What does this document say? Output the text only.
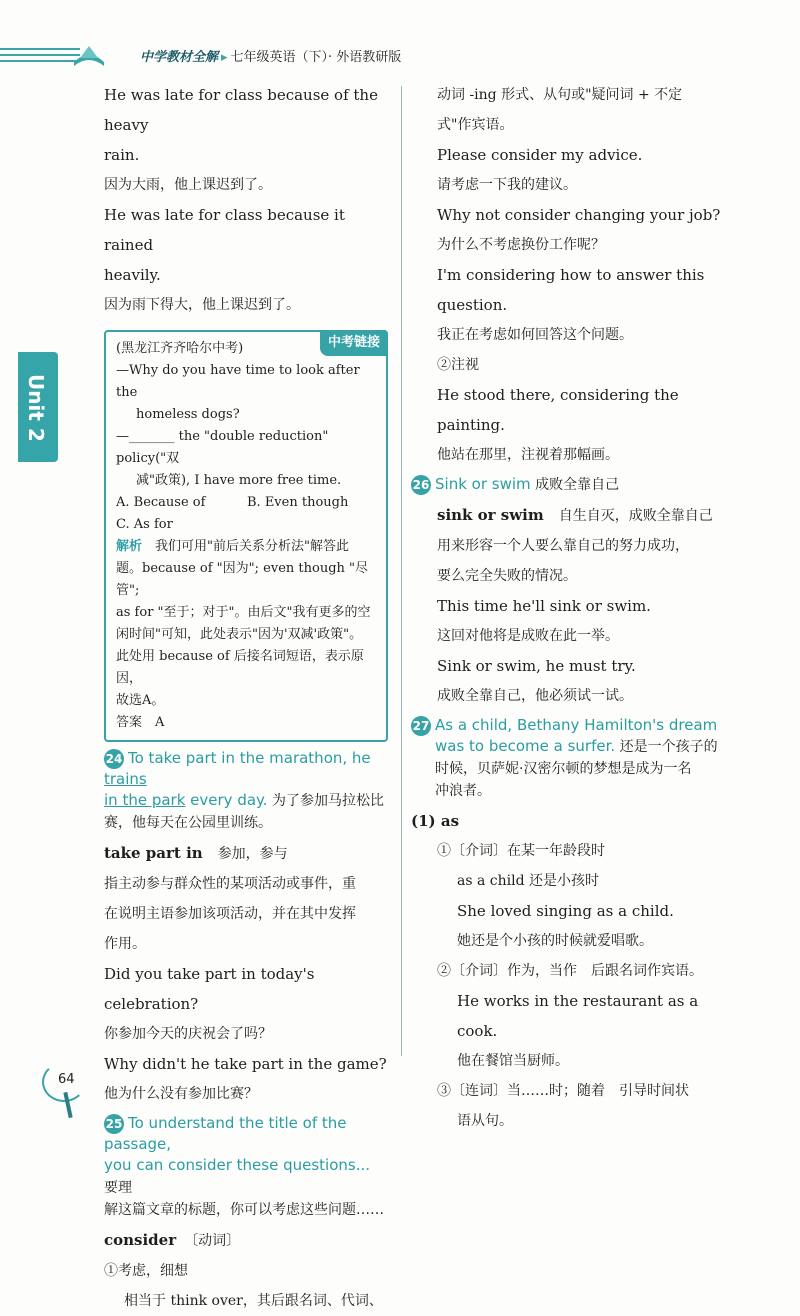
中学教材全解 ▸ 七年级英语（下）· 外语教研版
Unit 2

He was late for class because of the heavy

rain.

因为大雨，他上课迟到了。

He was late for class because it rained

heavily.

因为雨下得大，他上课迟到了。

中考链接

(黑龙江齐齐哈尔中考)

—Why do you have time to look after the

homeless dogs?

—_______ the "double reduction" policy("双

减"政策), I have more free time.

A. Because of	B. Even though

C. As for

解析　 我们可用"前后关系分析法"解答此

题。because of "因为"; even though "尽管";

as for "至于；对于"。由后文"我有更多的空

闲时间"可知，此处表示"因为'双减'政策"。

此处用 because of 后接名词短语，表示原因，

故选A。

答案　 A

24 To take part in the marathon, he trains
in the park every day. 为了参加马拉松比
赛，他每天在公园里训练。

take part in　 参加，参与

指主动参与群众性的某项活动或事件，重

在说明主语参加该项活动，并在其中发挥

作用。

Did you take part in today's celebration?

你参加今天的庆祝会了吗？

Why didn't he take part in the game?

他为什么没有参加比赛？

25 To understand the title of the passage,
you can consider these questions... 要理
解这篇文章的标题，你可以考虑这些问题……

consider　 〔动词〕

①考虑，细想

相当于 think over，其后跟名词、代词、

动词 -ing 形式、从句或"疑问词 + 不定

式"作宾语。

Please consider my advice.

请考虑一下我的建议。

Why not consider changing your job?

为什么不考虑换份工作呢？

I'm considering how to answer this

question.

我正在考虑如何回答这个问题。

②注视

He stood there, considering the painting.

他站在那里，注视着那幅画。

26 Sink or swim 成败全靠自己

sink or swim　 自生自灭，成败全靠自己

用来形容一个人要么靠自己的努力成功，

要么完全失败的情况。

This time he'll sink or swim.

这回对他将是成败在此一举。

Sink or swim, he must try.

成败全靠自己，他必须试一试。

27 As a child, Bethany Hamilton's dream
was to become a surfer. 还是一个孩子的
时候，贝萨妮·汉密尔顿的梦想是成为一名
冲浪者。

(1) as

①〔介词〕在某一年龄段时

as a child 还是小孩时

She loved singing as a child.

她还是个小孩的时候就爱唱歌。

②〔介词〕作为，当作　后跟名词作宾语。

He works in the restaurant as a cook.

他在餐馆当厨师。

③〔连词〕当……时；随着　引导时间状

语从句。

64
